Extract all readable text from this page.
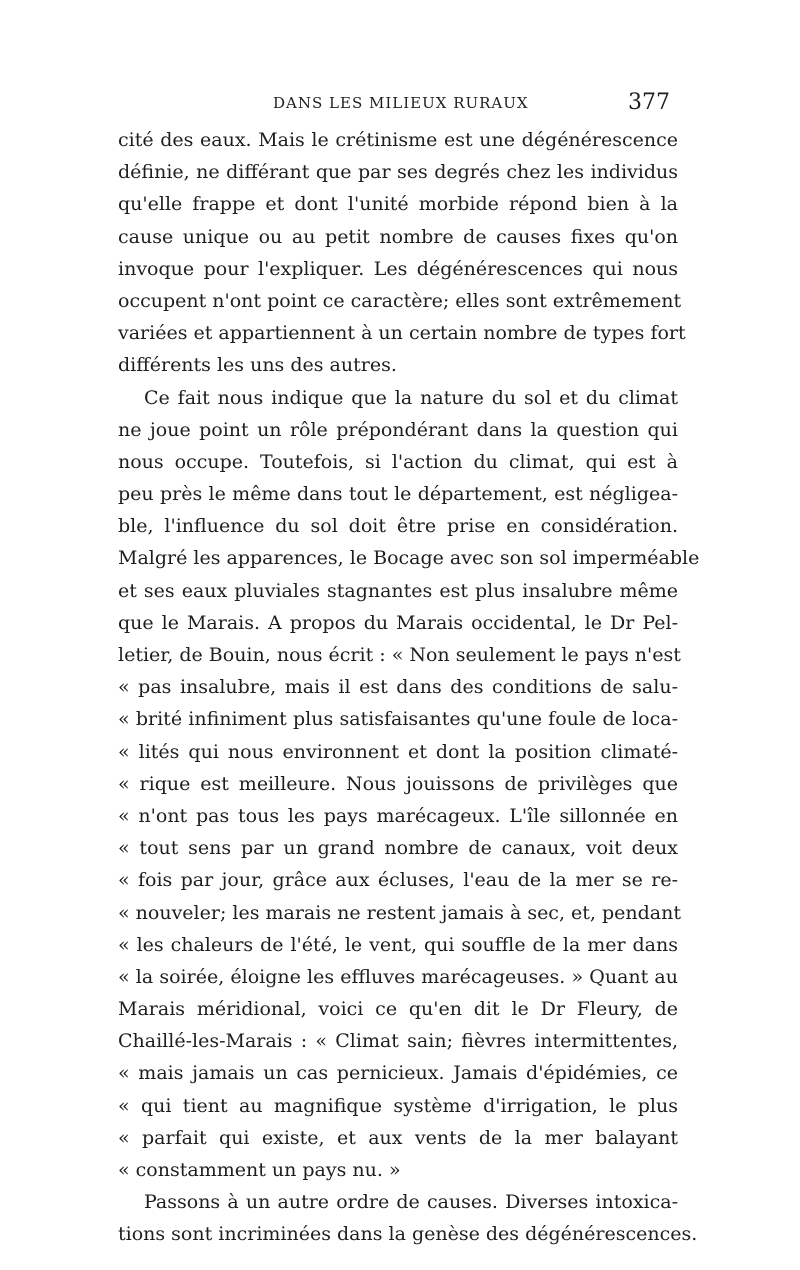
DANS LES MILIEUX RURAUX	377
cité des eaux. Mais le crétinisme est une dégénérescence
définie, ne différant que par ses degrés chez les individus
qu'elle frappe et dont l'unité morbide répond bien à la
cause unique ou au petit nombre de causes fixes qu'on
invoque pour l'expliquer. Les dégénérescences qui nous
occupent n'ont point ce caractère; elles sont extrêmement
variées et appartiennent à un certain nombre de types fort
différents les uns des autres.
Ce fait nous indique que la nature du sol et du climat
ne joue point un rôle prépondérant dans la question qui
nous occupe. Toutefois, si l'action du climat, qui est à
peu près le même dans tout le département, est négligea-
ble, l'influence du sol doit être prise en considération.
Malgré les apparences, le Bocage avec son sol imperméable
et ses eaux pluviales stagnantes est plus insalubre même
que le Marais. A propos du Marais occidental, le Dr Pel-
letier, de Bouin, nous écrit : « Non seulement le pays n'est
« pas insalubre, mais il est dans des conditions de salu-
« brité infiniment plus satisfaisantes qu'une foule de loca-
« lités qui nous environnent et dont la position climaté-
« rique est meilleure. Nous jouissons de privilèges que
« n'ont pas tous les pays marécageux. L'île sillonnée en
« tout sens par un grand nombre de canaux, voit deux
« fois par jour, grâce aux écluses, l'eau de la mer se re-
« nouveler; les marais ne restent jamais à sec, et, pendant
« les chaleurs de l'été, le vent, qui souffle de la mer dans
« la soirée, éloigne les effluves marécageuses. » Quant au
Marais méridional, voici ce qu'en dit le Dr Fleury, de
Chaillé-les-Marais : « Climat sain; fièvres intermittentes,
« mais jamais un cas pernicieux. Jamais d'épidémies, ce
« qui tient au magnifique système d'irrigation, le plus
« parfait qui existe, et aux vents de la mer balayant
« constamment un pays nu. »
Passons à un autre ordre de causes. Diverses intoxica-
tions sont incriminées dans la genèse des dégénérescences.
